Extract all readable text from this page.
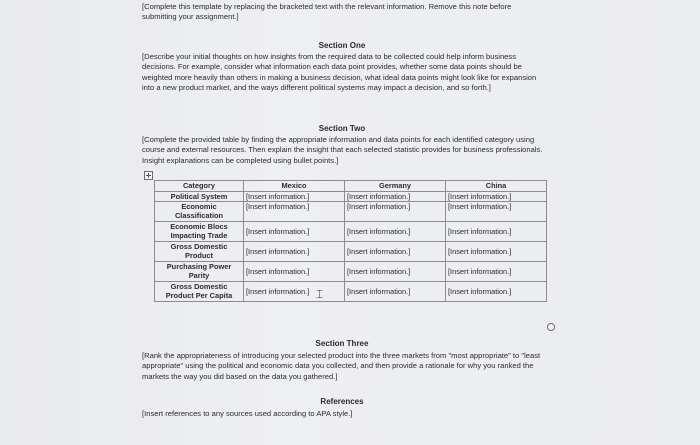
[Complete this template by replacing the bracketed text with the relevant information. Remove this note before submitting your assignment.]
Section One
[Describe your initial thoughts on how insights from the required data to be collected could help inform business decisions. For example, consider what information each data point provides, whether some data points should be weighted more heavily than others in making a business decision, what ideal data points might look like for expansion into a new product market, and the ways different political systems may impact a decision, and so forth.]
Section Two
[Complete the provided table by finding the appropriate information and data points for each identified category using course and external resources. Then explain the insight that each selected statistic provides for business professionals. Insight explanations can be completed using bullet points.]
Category	Mexico	Germany	China
Political System	[Insert information.]	[Insert information.]	[Insert information.]
Economic Classification	[Insert information.]	[Insert information.]	[Insert information.]
Economic Blocs Impacting Trade	[Insert information.]	[Insert information.]	[Insert information.]
Gross Domestic Product	[Insert information.]	[Insert information.]	[Insert information.]
Purchasing Power Parity	[Insert information.]	[Insert information.]	[Insert information.]
Gross Domestic Product Per Capita	[Insert information.]	[Insert information.]	[Insert information.]
⌶
Section Three
[Rank the appropriateness of introducing your selected product into the three markets from "most appropriate" to "least appropriate" using the political and economic data you collected, and then provide a rationale for why you ranked the markets the way you did based on the data you gathered.]
References
[Insert references to any sources used according to APA style.]
